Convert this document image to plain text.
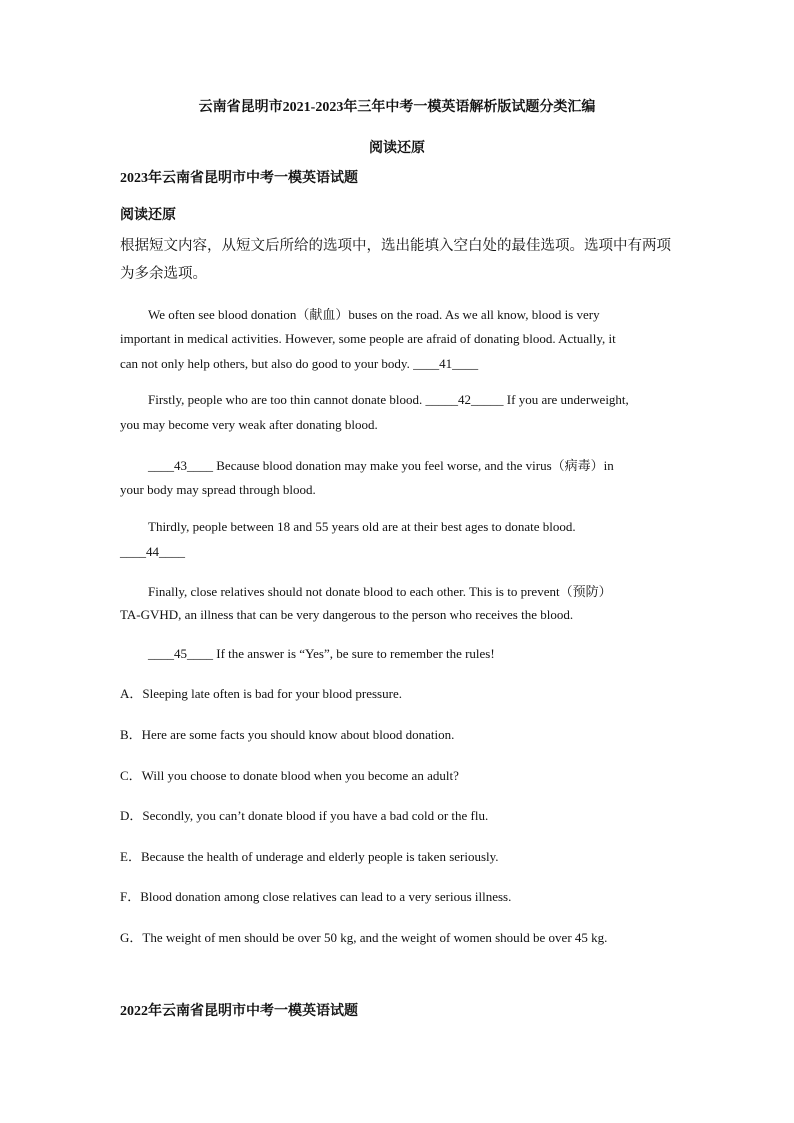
云南省昆明市2021-2023年三年中考一模英语解析版试题分类汇编
阅读还原
2023年云南省昆明市中考一模英语试题
阅读还原
根据短文内容，从短文后所给的选项中，选出能填入空白处的最佳选项。选项中有两项为多余选项。
We often see blood donation（献血）buses on the road. As we all know, blood is very
important in medical activities. However, some people are afraid of donating blood. Actually, it
can not only help others, but also do good to your body. ____41____
Firstly, people who are too thin cannot donate blood. _____42_____ If you are underweight,
you may become very weak after donating blood.
____43____ Because blood donation may make you feel worse, and the virus（病毒）in
your body may spread through blood.
Thirdly, people between 18 and 55 years old are at their best ages to donate blood.
____44____
Finally, close relatives should not donate blood to each other. This is to prevent（预防）
TA-GVHD, an illness that can be very dangerous to the person who receives the blood.
____45____ If the answer is “Yes”, be sure to remember the rules!
A．Sleeping late often is bad for your blood pressure.
B．Here are some facts you should know about blood donation.
C．Will you choose to donate blood when you become an adult?
D．Secondly, you can’t donate blood if you have a bad cold or the flu.
E．Because the health of underage and elderly people is taken seriously.
F．Blood donation among close relatives can lead to a very serious illness.
G．The weight of men should be over 50 kg, and the weight of women should be over 45 kg.
2022年云南省昆明市中考一模英语试题
